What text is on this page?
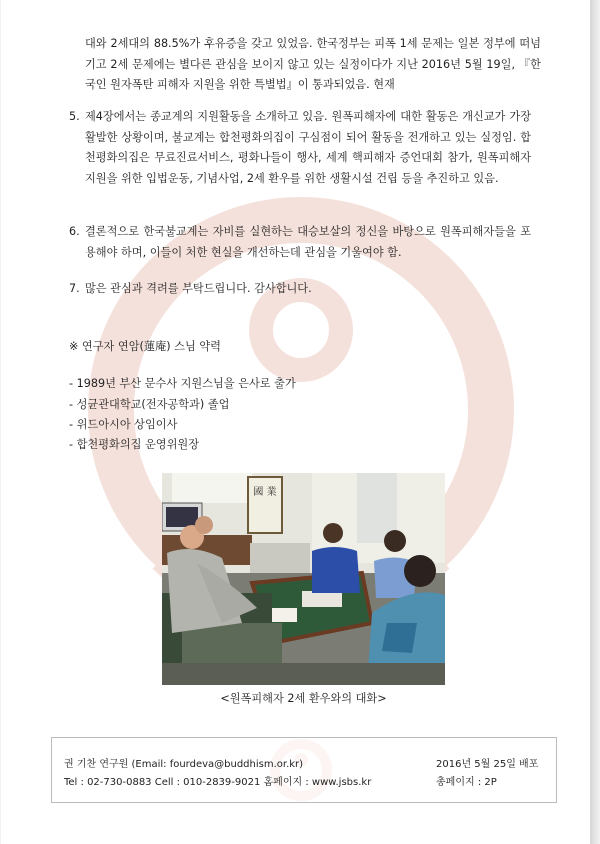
대와 2세대의 88.5%가 후유증을 갖고 있었음. 한국정부는 피폭 1세 문제는 일본 정부에 떠넘기고 2세 문제에는 별다른 관심을 보이지 않고 있는 실정이다가 지난 2016년 5월 19일, 『한국인 원자폭탄 피해자 지원을 위한 특별법』이 통과되었음. 현재
5. 제4장에서는 종교계의 지원활동을 소개하고 있음. 원폭피해자에 대한 활동은 개신교가 가장 활발한 상황이며, 불교계는 합천평화의집이 구심점이 되어 활동을 전개하고 있는 실정임. 합천평화의집은 무료진료서비스, 평화나들이 행사, 세계 핵피해자 증언대회 참가, 원폭피해자 지원을 위한 입법운동, 기념사업, 2세 환우를 위한 생활시설 건립 등을 추진하고 있음.
6. 결론적으로 한국불교계는 자비를 실현하는 대승보살의 정신을 바탕으로 원폭피해자들을 포용해야 하며, 이들이 처한 현실을 개선하는데 관심을 기울여야 함.
7. 많은 관심과 격려를 부탁드립니다. 감사합니다.
※ 연구자 연암(蓮庵) 스님 약력
- 1989년 부산 문수사 지원스님을 은사로 출가
- 성균관대학교(전자공학과) 졸업
- 위드아시아 상임이사
- 합천평화의집 운영위원장
國 業
<원폭피해자 2세 환우와의 대화>
권 기찬 연구원 (Email: fourdeva@buddhism.or.kr)
Tel : 02-730-0883 Cell : 010-2839-9021 홈페이지 : www.jsbs.kr
2016년 5월 25일 배포
총페이지 : 2P
